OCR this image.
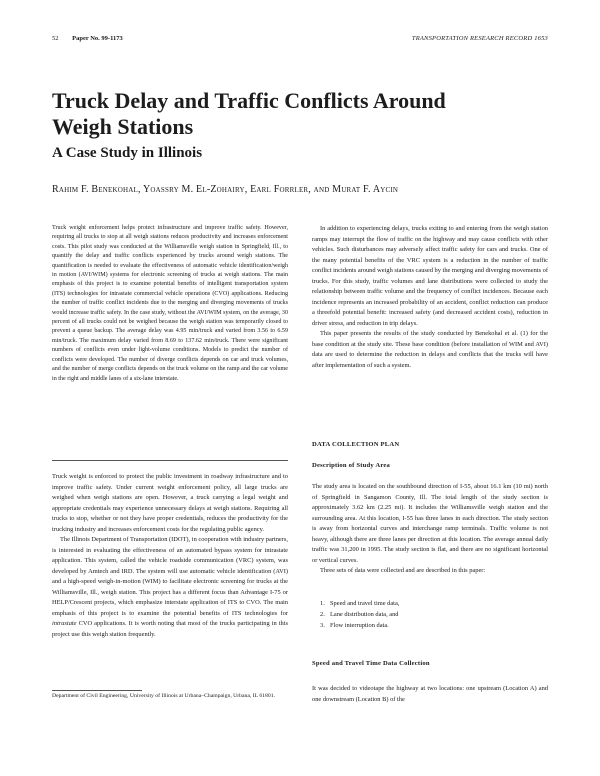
52 Paper No. 99-1173	TRANSPORTATION RESEARCH RECORD 1653
Truck Delay and Traffic Conflicts Around Weigh Stations
A Case Study in Illinois
Rahim F. Benekohal, Yoassry M. El-Zohairy, Earl Forrler, and Murat F. Aycin

Truck weight enforcement helps protect infrastructure and improve traffic safety. However, requiring all trucks to stop at all weigh stations reduces productivity and increases enforcement costs. This pilot study was conducted at the Williamsville weigh station in Springfield, Ill., to quantify the delay and traffic conflicts experienced by trucks around weigh stations. The quantification is needed to evaluate the effectiveness of automatic vehicle identification/weigh in motion (AVI/WIM) systems for electronic screening of trucks at weigh stations. The main emphasis of this project is to examine potential benefits of intelligent transportation system (ITS) technologies for intrastate commercial vehicle operations (CVO) applications. Reducing the number of traffic conflict incidents due to the merging and diverging movements of trucks would increase traffic safety. In the case study, without the AVI/WIM system, on the average, 30 percent of all trucks could not be weighed because the weigh station was temporarily closed to prevent a queue backup. The average delay was 4.95 min/truck and varied from 3.56 to 6.59 min/truck. The maximum delay varied from 8.69 to 137.62 min/truck. There were significant numbers of conflicts even under light-volume conditions. Models to predict the number of conflicts were developed. The number of diverge conflicts depends on car and truck volumes, and the number of merge conflicts depends on the truck volume on the ramp and the car volume in the right and middle lanes of a six-lane interstate.

Truck weight is enforced to protect the public investment in roadway infrastructure and to improve traffic safety. Under current weight enforcement policy, all large trucks are weighed when weigh stations are open. However, a truck carrying a legal weight and appropriate credentials may experience unnecessary delays at weigh stations. Requiring all trucks to stop, whether or not they have proper credentials, reduces the productivity for the trucking industry and increases enforcement costs for the regulating public agency.

The Illinois Department of Transportation (IDOT), in cooperation with industry partners, is interested in evaluating the effectiveness of an automated bypass system for intrastate application. This system, called the vehicle roadside communication (VRC) system, was developed by Amtech and IRD. The system will use automatic vehicle identification (AVI) and a high-speed weigh-in-motion (WIM) to facilitate electronic screening for trucks at the Williamsville, Ill., weigh station. This project has a different focus than Advantage I-75 or HELP/Crescent projects, which emphasize interstate application of ITS to CVO. The main emphasis of this project is to examine the potential benefits of ITS technologies for intrastate CVO applications. It is worth noting that most of the trucks participating in this project use this weigh station frequently.

Department of Civil Engineering, University of Illinois at Urbana–Champaign, Urbana, IL 61801.

In addition to experiencing delays, trucks exiting to and entering from the weigh station ramps may interrupt the flow of traffic on the highway and may cause conflicts with other vehicles. Such disturbances may adversely affect traffic safety for cars and trucks. One of the many potential benefits of the VRC system is a reduction in the number of traffic conflict incidents around weigh stations caused by the merging and diverging movements of trucks. For this study, traffic volumes and lane distributions were collected to study the relationship between traffic volume and the frequency of conflict incidences. Because each incidence represents an increased probability of an accident, conflict reduction can produce a threefold potential benefit: increased safety (and decreased accident costs), reduction in driver stress, and reduction in trip delays.

This paper presents the results of the study conducted by Benekohal et al. (1) for the base condition at the study site. These base condition (before installation of WIM and AVI) data are used to determine the reduction in delays and conflicts that the trucks will have after implementation of such a system.

DATA COLLECTION PLAN
Description of Study Area

The study area is located on the southbound direction of I-55, about 16.1 km (10 mi) north of Springfield in Sangamon County, Ill. The total length of the study section is approximately 3.62 km (2.25 mi). It includes the Williamsville weigh station and the surrounding area. At this location, I-55 has three lanes in each direction. The study section is away from horizontal curves and interchange ramp terminals. Traffic volume is not heavy, although there are three lanes per direction at this location. The average annual daily traffic was 31,200 in 1995. The study section is flat, and there are no significant horizontal or vertical curves.

Three sets of data were collected and are described in this paper:

1. Speed and travel time data,
2. Lane distribution data, and
3. Flow interruption data.
Speed and Travel Time Data Collection

It was decided to videotape the highway at two locations: one upstream (Location A) and one downstream (Location B) of the
